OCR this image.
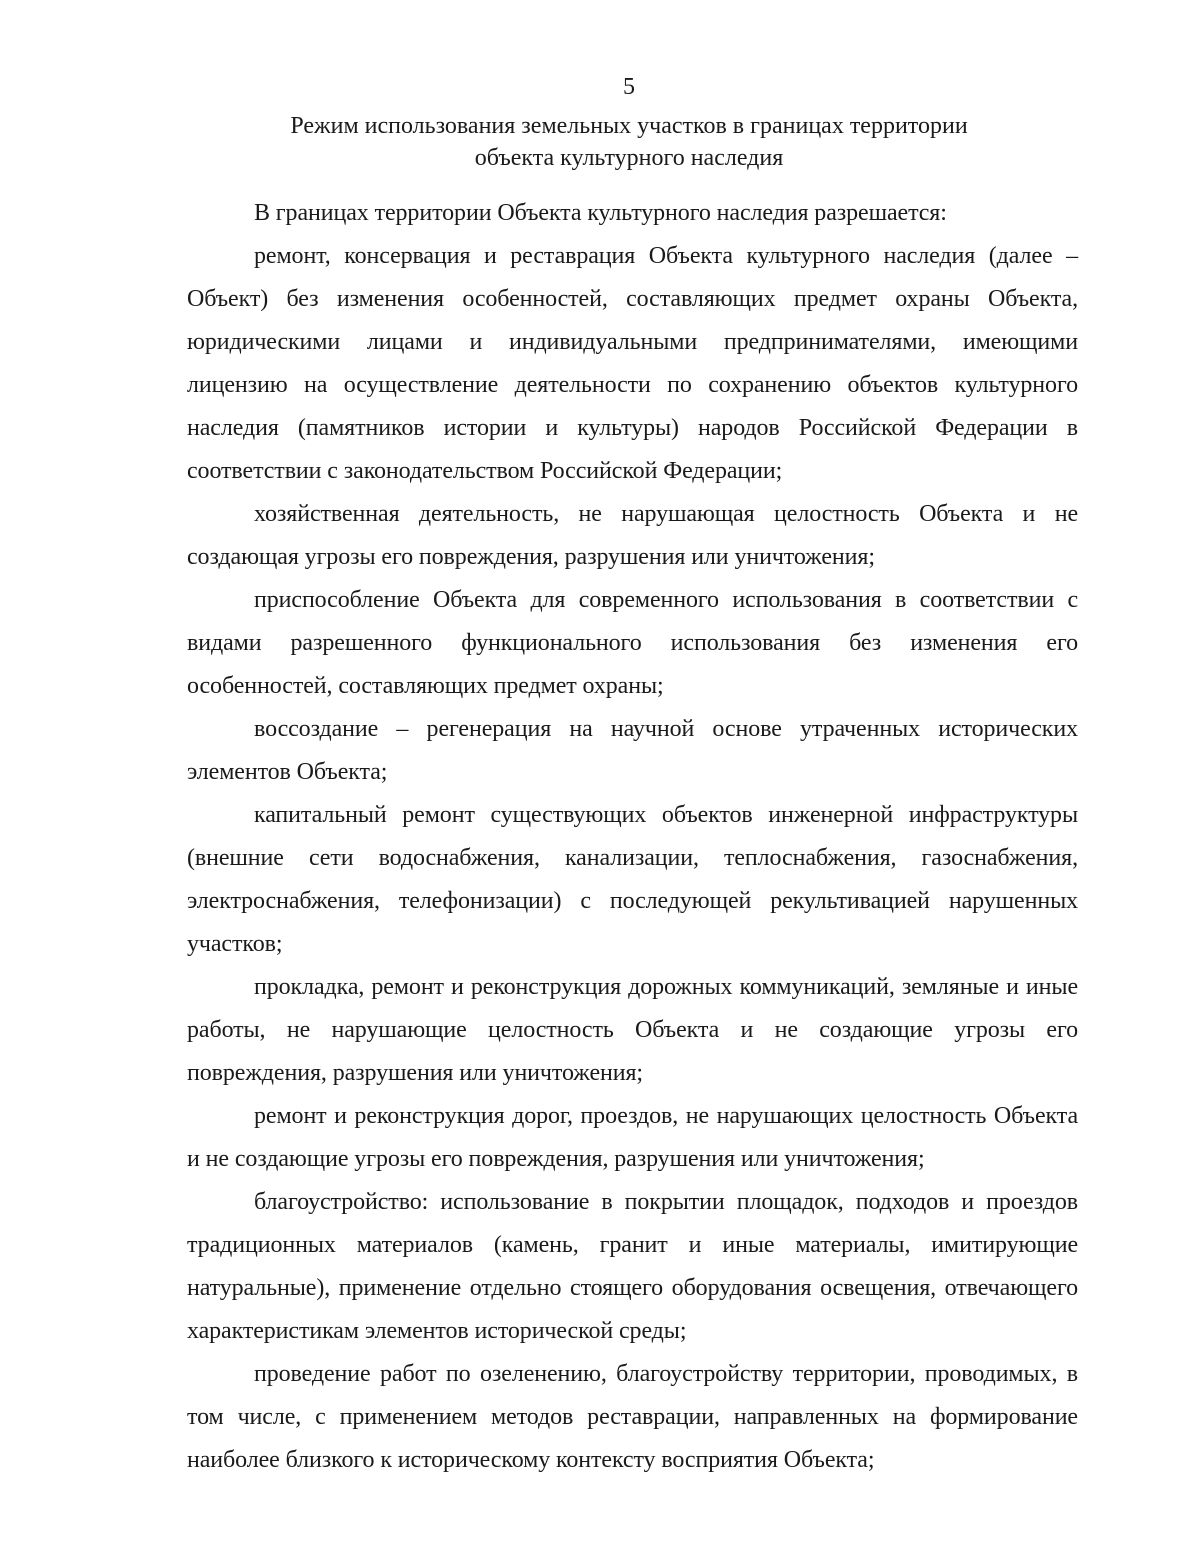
5
Режим использования земельных участков в границах территории
объекта культурного наследия

В границах территории Объекта культурного наследия разрешается:

ремонт, консервация и реставрация Объекта культурного наследия (далее – Объект) без изменения особенностей, составляющих предмет охраны Объекта, юридическими лицами и индивидуальными предпринимателями, имеющими лицензию на осуществление деятельности по сохранению объектов культурного наследия (памятников истории и культуры) народов Российской Федерации в соответствии с законодательством Российской Федерации;

хозяйственная деятельность, не нарушающая целостность Объекта и не создающая угрозы его повреждения, разрушения или уничтожения;

приспособление Объекта для современного использования в соответствии с видами разрешенного функционального использования без изменения его особенностей, составляющих предмет охраны;

воссоздание – регенерация на научной основе утраченных исторических элементов Объекта;

капитальный ремонт существующих объектов инженерной инфраструктуры (внешние сети водоснабжения, канализации, теплоснабжения, газоснабжения, электроснабжения, телефонизации) с последующей рекультивацией нарушенных участков;

прокладка, ремонт и реконструкция дорожных коммуникаций, земляные и иные работы, не нарушающие целостность Объекта и не создающие угрозы его повреждения, разрушения или уничтожения;

ремонт и реконструкция дорог, проездов, не нарушающих целостность Объекта и не создающие угрозы его повреждения, разрушения или уничтожения;

благоустройство: использование в покрытии площадок, подходов и проездов традиционных материалов (камень, гранит и иные материалы, имитирующие натуральные), применение отдельно стоящего оборудования освещения, отвечающего характеристикам элементов исторической среды;

проведение работ по озеленению, благоустройству территории, проводимых, в том числе, с применением методов реставрации, направленных на формирование наиболее близкого к историческому контексту восприятия Объекта;
